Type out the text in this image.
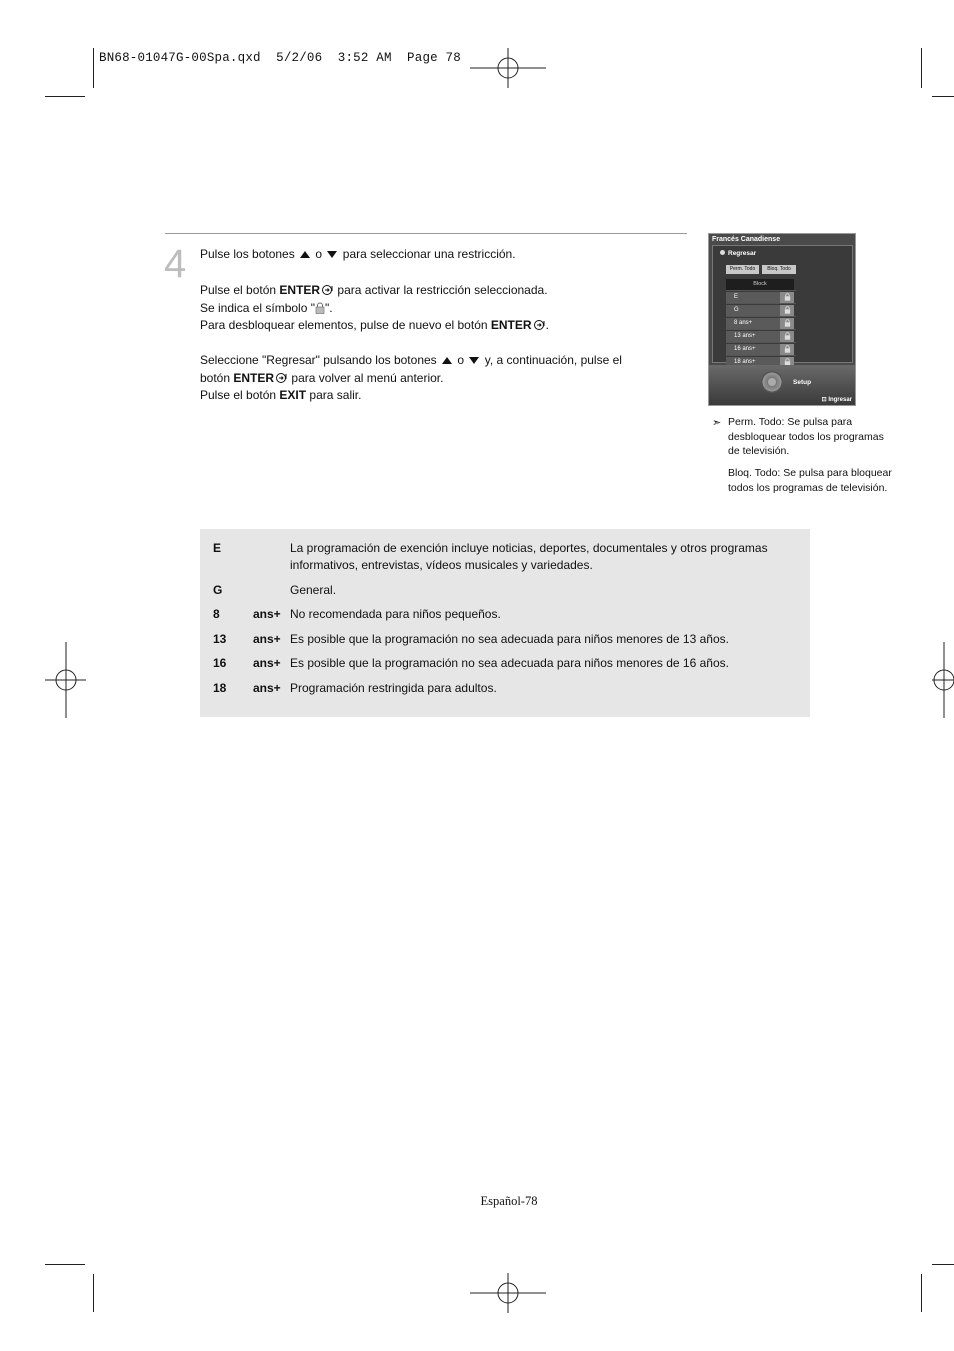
BN68-01047G-00Spa.qxd  5/2/06  3:52 AM  Page 78
4 Pulse los botones o para seleccionar una restricción.

Pulse el botón ENTER para activar la restricción seleccionada.

Se indica el símbolo " ".

Para desbloquear elementos, pulse de nuevo el botón ENTER .

Seleccione "Regresar" pulsando los botones o y, a continuación, pulse el

botón ENTER para volver al menú anterior.

Pulse el botón EXIT para salir.

Francés Canadiense
Regresar
Perm. Todo	Bloq. Todo
Block
E
G
8 ans+
13 ans+
16 ans+
18 ans+
Setup
⊡ Ingresar
➣ Perm. Todo: Se pulsa para
desbloquear todos los programas
de televisión.
Bloq. Todo: Se pulsa para bloquear
todos los programas de televisión.
E	La programación de exención incluye noticias, deportes, documentales y otros programas
informativos, entrevistas, vídeos musicales y variedades.
G	General.
8	ans+ No recomendada para niños pequeños.
13 ans+ Es posible que la programación no sea adecuada para niños menores de 13 años.
16 ans+ Es posible que la programación no sea adecuada para niños menores de 16 años.
18 ans+ Programación restringida para adultos.
Español-78
